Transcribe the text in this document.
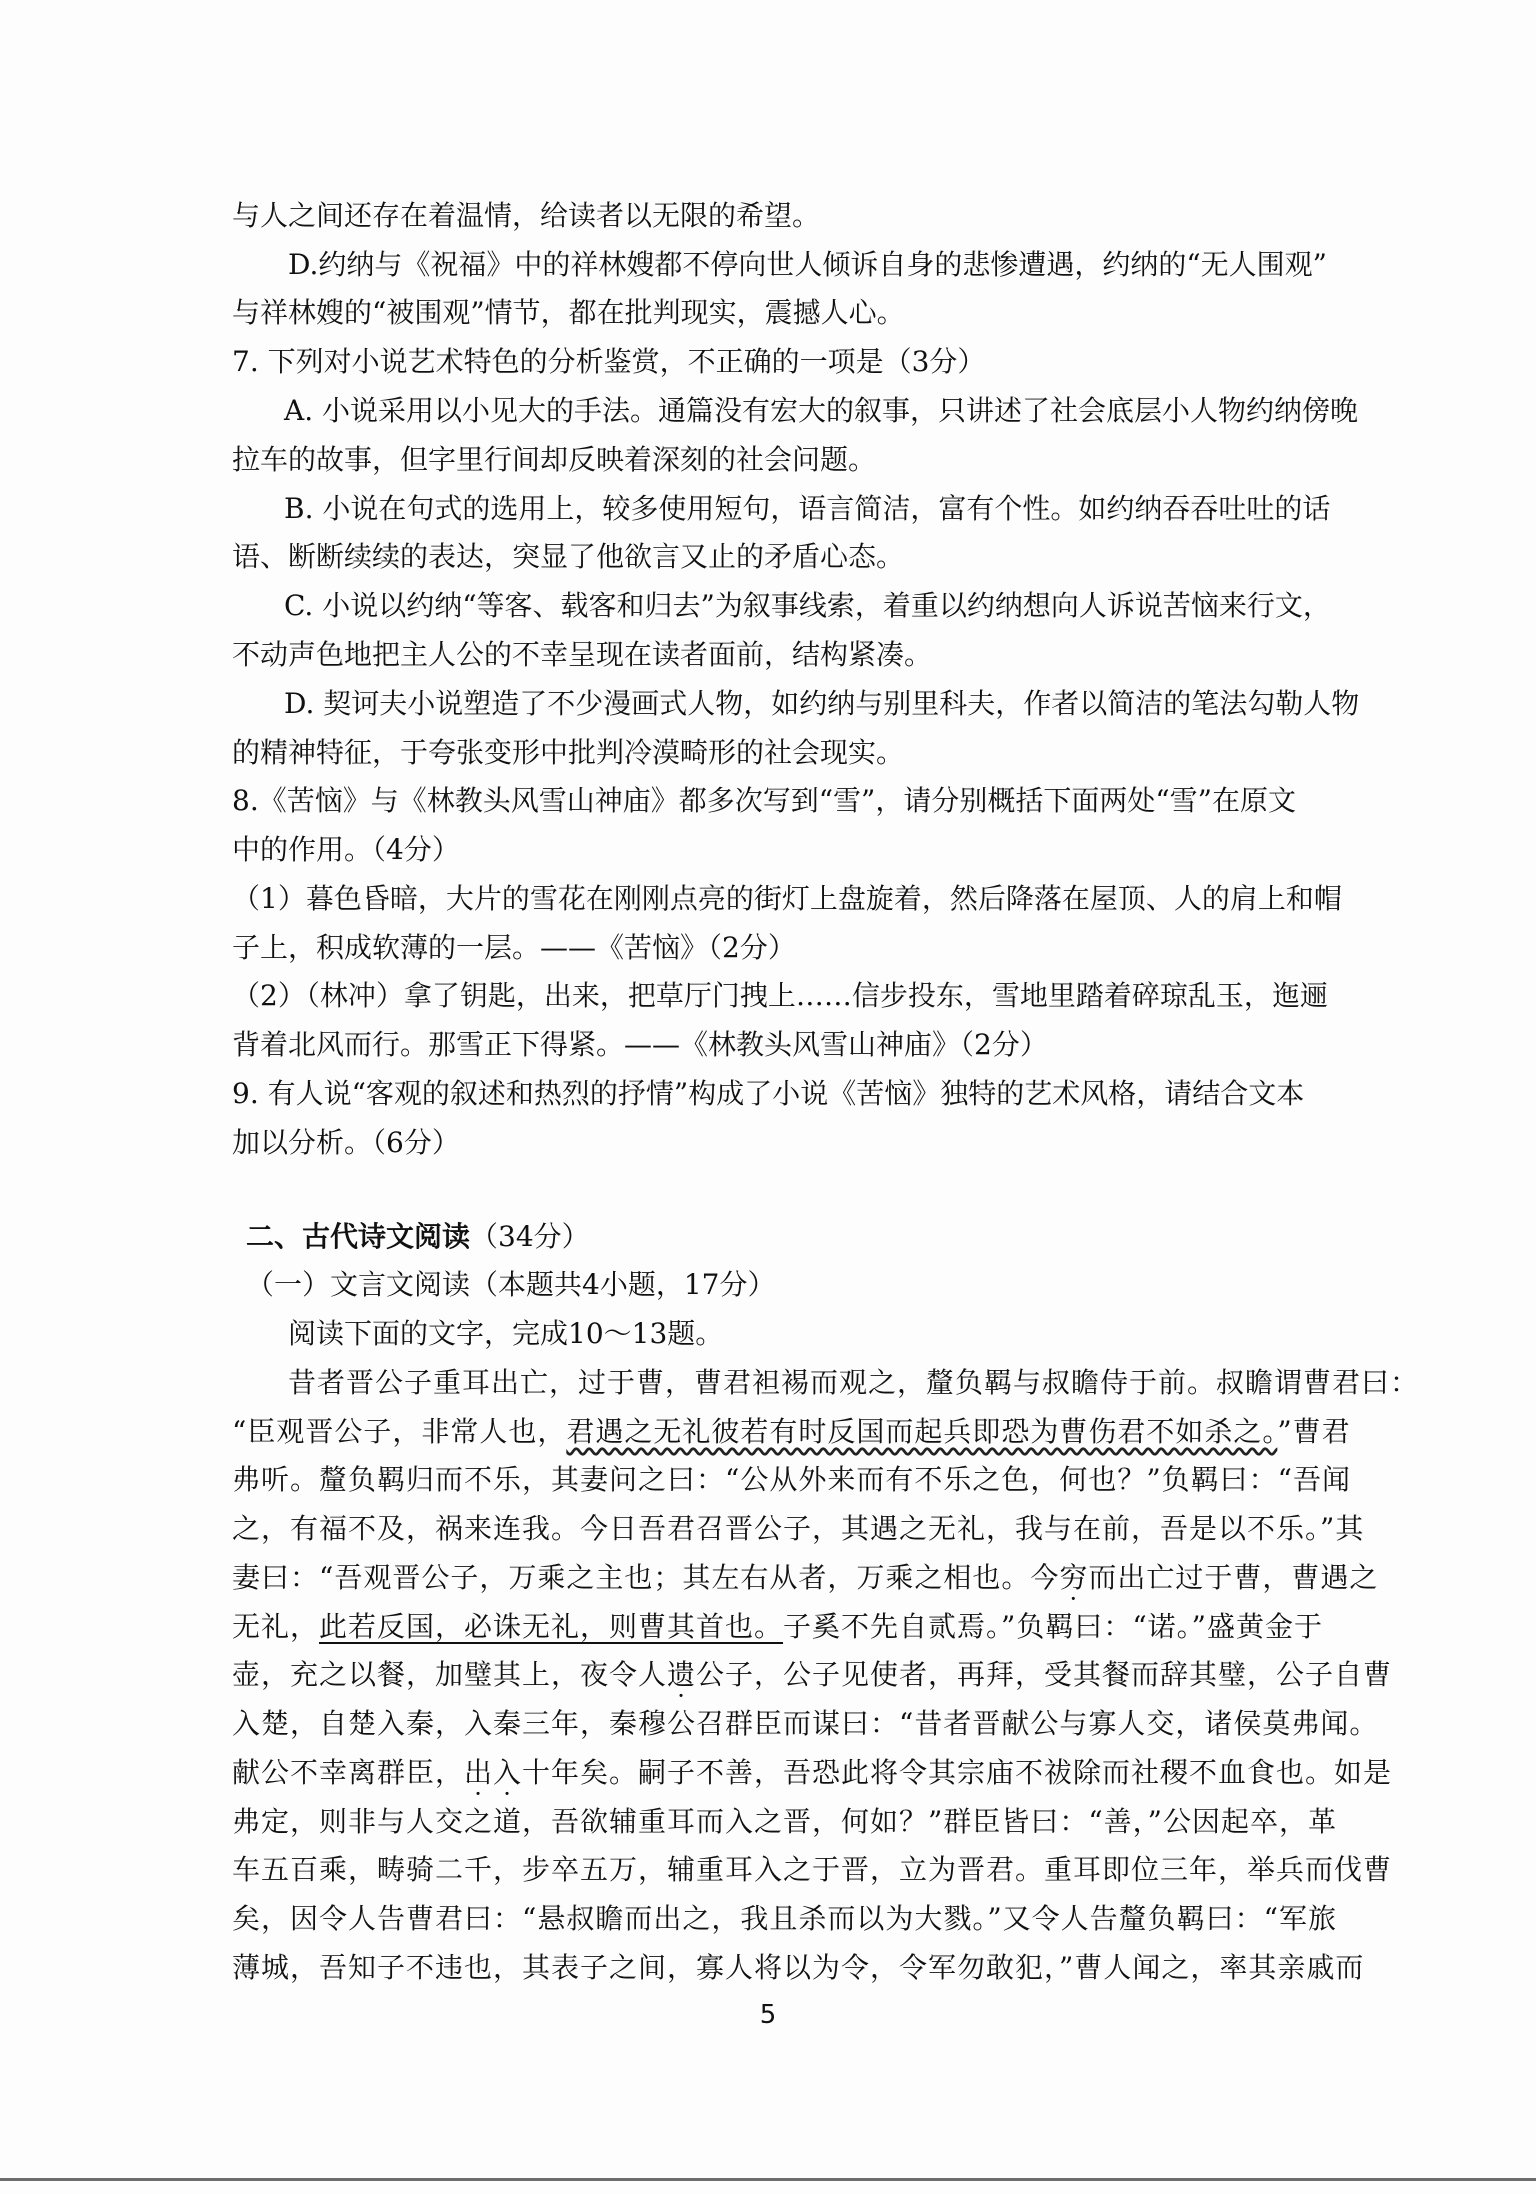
与人之间还存在着温情，给读者以无限的希望。
D.约纳与《祝福》中的祥林嫂都不停向世人倾诉自身的悲惨遭遇，约纳的“无人围观”
与祥林嫂的“被围观”情节，都在批判现实，震撼人心。
7. 下列对小说艺术特色的分析鉴赏，不正确的一项是（3分）
A. 小说采用以小见大的手法。通篇没有宏大的叙事，只讲述了社会底层小人物约纳傍晚
拉车的故事，但字里行间却反映着深刻的社会问题。
B. 小说在句式的选用上，较多使用短句，语言简洁，富有个性。如约纳吞吞吐吐的话
语、断断续续的表达，突显了他欲言又止的矛盾心态。
C. 小说以约纳“等客、载客和归去”为叙事线索，着重以约纳想向人诉说苦恼来行文，
不动声色地把主人公的不幸呈现在读者面前，结构紧凑。
D. 契诃夫小说塑造了不少漫画式人物，如约纳与别里科夫，作者以简洁的笔法勾勒人物
的精神特征，于夸张变形中批判冷漠畸形的社会现实。
8.《苦恼》与《林教头风雪山神庙》都多次写到“雪”，请分别概括下面两处“雪”在原文
中的作用。（4分）
（1）暮色昏暗，大片的雪花在刚刚点亮的街灯上盘旋着，然后降落在屋顶、人的肩上和帽
子上，积成软薄的一层。——《苦恼》（2分）
（2）（林冲）拿了钥匙，出来，把草厅门拽上……信步投东，雪地里踏着碎琼乱玉，迤逦
背着北风而行。那雪正下得紧。——《林教头风雪山神庙》（2分）
9. 有人说“客观的叙述和热烈的抒情”构成了小说《苦恼》独特的艺术风格，请结合文本
加以分析。（6分）
二、古代诗文阅读（34分）
（一）文言文阅读（本题共4小题，17分）
阅读下面的文字，完成10～13题。
昔者晋公子重耳出亡，过于曹，曹君袒裼而观之，釐负羁与叔瞻侍于前。叔瞻谓曹君曰：
“臣观晋公子，非常人也，君遇之无礼彼若有时反国而起兵即恐为曹伤君不如杀之。”曹君
弗听。釐负羁归而不乐，其妻问之曰：“公从外来而有不乐之色，何也？”负羁曰：“吾闻
之，有福不及，祸来连我。今日吾君召晋公子，其遇之无礼，我与在前，吾是以不乐。”其
妻曰：“吾观晋公子，万乘之主也；其左右从者，万乘之相也。今穷而出亡过于曹，曹遇之
无礼，此若反国，必诛无礼，则曹其首也。子奚不先自贰焉。”负羁曰：“诺。”盛黄金于
壶，充之以餐，加璧其上，夜令人遗公子，公子见使者，再拜，受其餐而辞其璧，公子自曹
入楚，自楚入秦，入秦三年，秦穆公召群臣而谋曰：“昔者晋献公与寡人交，诸侯莫弗闻。
献公不幸离群臣，出入十年矣。嗣子不善，吾恐此将令其宗庙不祓除而社稷不血食也。如是
弗定，则非与人交之道，吾欲辅重耳而入之晋，何如？”群臣皆曰：“善，”公因起卒，革
车五百乘，畴骑二千，步卒五万，辅重耳入之于晋，立为晋君。重耳即位三年，举兵而伐曹
矣，因令人告曹君曰：“悬叔瞻而出之，我且杀而以为大戮。”又令人告釐负羁曰：“军旅
薄城，吾知子不违也，其表子之间，寡人将以为令，令军勿敢犯，”曹人闻之，率其亲戚而
5
